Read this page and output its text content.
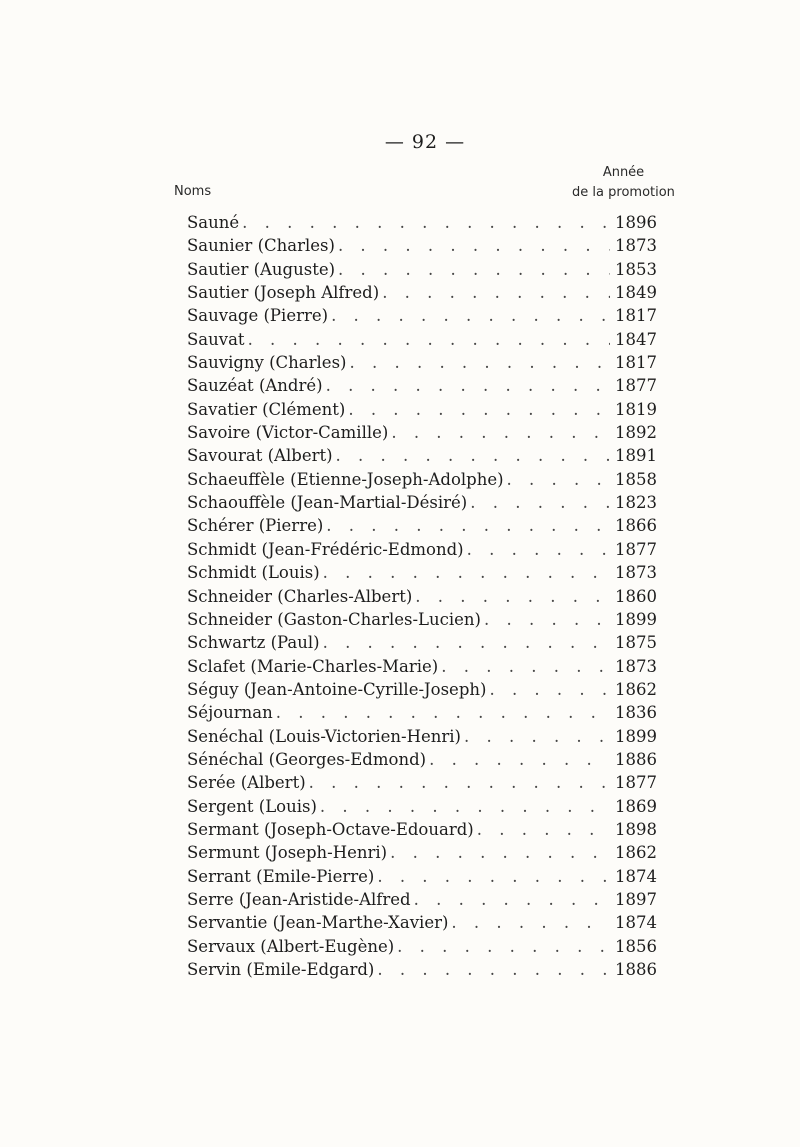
— 92 —
Noms
Année
de la promotion
Sauné . . .	1896
Saunier (Charles) . . .	1873
Sautier (Auguste) . . .	1853
Sautier (Joseph Alfred) . . .	1849
Sauvage (Pierre) . . .	1817
Sauvat . . .	1847
Sauvigny (Charles) . . .	1817
Sauzéat (André) . . .	1877
Savatier (Clément) . . .	1819
Savoire (Victor-Camille) . . .	1892
Savourat (Albert) . . .	1891
Schaeuffèle (Etienne-Joseph-Adolphe) . . .	1858
Schaouffèle (Jean-Martial-Désiré) . . .	1823
Schérer (Pierre) . . .	1866
Schmidt (Jean-Frédéric-Edmond) . . .	1877
Schmidt (Louis) . . .	1873
Schneider (Charles-Albert) . . .	1860
Schneider (Gaston-Charles-Lucien) . . .	1899
Schwartz (Paul) . . .	1875
Sclafet (Marie-Charles-Marie) . . .	1873
Séguy (Jean-Antoine-Cyrille-Joseph) . . .	1862
Séjournan . . .	1836
Senéchal (Louis-Victorien-Henri) . . .	1899
Sénéchal (Georges-Edmond) . . .	1886
Serée (Albert) . . .	1877
Sergent (Louis) . . .	1869
Sermant (Joseph-Octave-Edouard) . . .	1898
Sermunt (Joseph-Henri) . . .	1862
Serrant (Emile-Pierre) . . .	1874
Serre (Jean-Aristide-Alfred . . .	1897
Servantie (Jean-Marthe-Xavier) . . .	1874
Servaux (Albert-Eugène) . . .	1856
Servin (Emile-Edgard) . . .	1886
